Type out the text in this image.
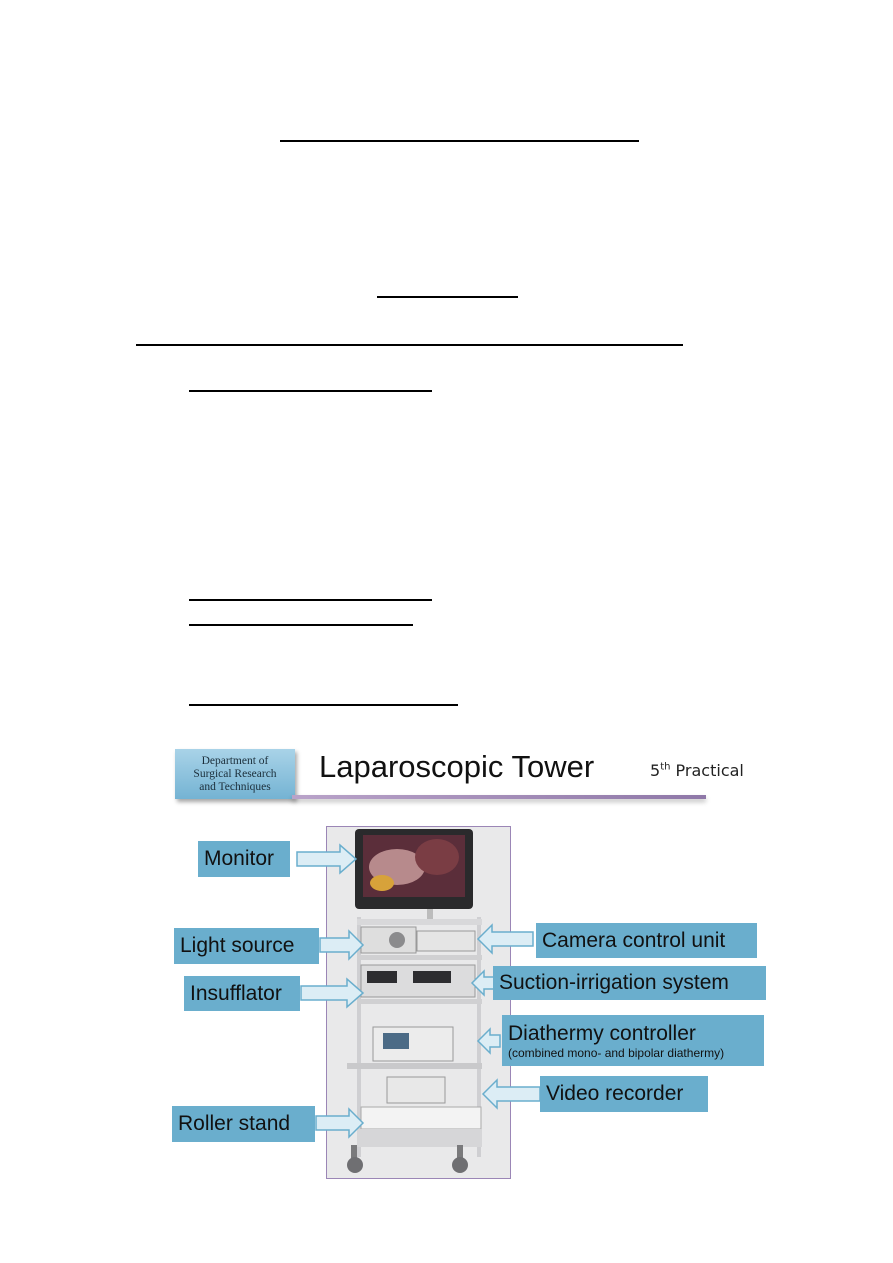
Department of
Surgical Research
and Techniques
Laparoscopic Tower	5th Practical
Monitor
Light source
Insufflator
Roller stand
Camera control unit
Suction-irrigation system
Diathermy controller
(combined mono- and bipolar diathermy)
Video recorder
